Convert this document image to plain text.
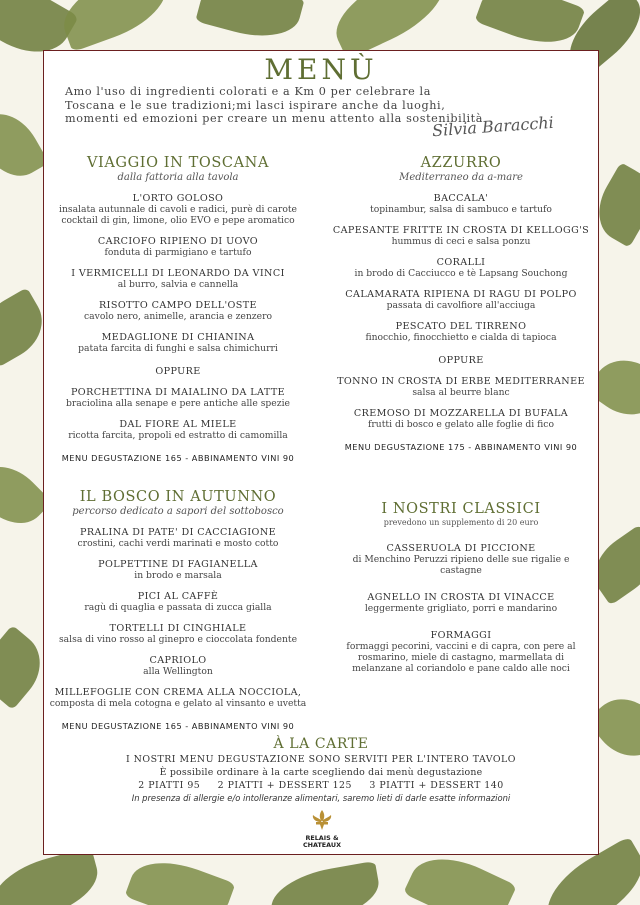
MENÙ
Amo l'uso di ingredienti colorati e a Km 0 per celebrare la Toscana e le sue tradizioni;mi lasci ispirare anche da luoghi, momenti ed emozioni per creare un menu attento alla sostenibilità
Silvia Baracchi
VIAGGIO IN TOSCANA
dalla fattoria alla tavola
L'ORTO GOLOSO
insalata autunnale di cavoli e radici, purè di carote cocktail di gin, limone, olio EVO e pepe aromatico
CARCIOFO RIPIENO DI UOVO
fonduta di parmigiano e tartufo
I VERMICELLI DI LEONARDO DA VINCI
al burro, salvia e cannella
RISOTTO CAMPO DELL'OSTE
cavolo nero, animelle, arancia e zenzero
MEDAGLIONE DI CHIANINA
patata farcita di funghi e salsa chimichurri
OPPURE
PORCHETTINA DI MAIALINO DA LATTE
braciolina alla senape e pere antiche alle spezie
DAL FIORE AL MIELE
ricotta farcita, propoli ed estratto di camomilla
MENU DEGUSTAZIONE 165 - ABBINAMENTO VINI 90
AZZURRO
Mediterraneo da a-mare
BACCALA'
topinambur, salsa di sambuco e tartufo
CAPESANTE FRITTE IN CROSTA DI KELLOGG'S
hummus di ceci e salsa ponzu
CORALLI
in brodo di Cacciucco e tè Lapsang Souchong
CALAMARATA RIPIENA DI RAGU DI POLPO
passata di cavolfiore all'acciuga
PESCATO DEL TIRRENO
finocchio, finocchietto e cialda di tapioca
OPPURE
TONNO IN CROSTA DI ERBE MEDITERRANEE
salsa al beurre blanc
CREMOSO DI MOZZARELLA DI BUFALA
frutti di bosco e gelato alle foglie di fico
MENU DEGUSTAZIONE 175 - ABBINAMENTO VINI 90
IL BOSCO IN AUTUNNO
percorso dedicato a sapori del sottobosco
PRALINA DI PATE' DI CACCIAGIONE
crostini, cachi verdi marinati e mosto cotto
POLPETTINE DI FAGIANELLA
in brodo e marsala
PICI AL CAFFÈ
ragù di quaglia e passata di zucca gialla
TORTELLI DI CINGHIALE
salsa di vino rosso al ginepro e cioccolata fondente
CAPRIOLO
alla Wellington
MILLEFOGLIE CON CREMA ALLA NOCCIOLA,
composta di mela cotogna e gelato al vinsanto e uvetta
MENU DEGUSTAZIONE 165 - ABBINAMENTO VINI 90
I NOSTRI CLASSICI
prevedono un supplemento di 20 euro
CASSERUOLA DI PICCIONE
di Menchino Peruzzi ripieno delle sue rigalie e castagne
AGNELLO IN CROSTA DI VINACCE
leggermente grigliato, porri e mandarino
FORMAGGI
formaggi pecorini, vaccini e di capra, con pere al rosmarino, miele di castagno, marmellata di melanzane al coriandolo e pane caldo alle noci
À LA CARTE
I NOSTRI MENU DEGUSTAZIONE SONO SERVITI PER L'INTERO TAVOLO
È possibile ordinare à la carte scegliendo dai menù degustazione
2 PIATTI 95     2 PIATTI + DESSERT 125     3 PIATTI + DESSERT 140
In presenza di allergie e/o intolleranze alimentari, saremo lieti di darle esatte informazioni
RELAIS &
CHATEAUX
